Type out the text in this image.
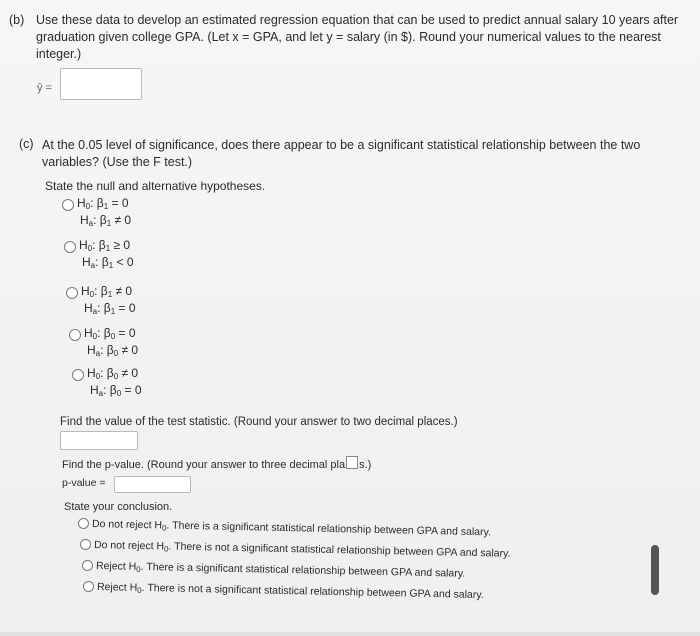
(b) Use these data to develop an estimated regression equation that can be used to predict annual salary 10 years after
graduation given college GPA. (Let x = GPA, and let y = salary (in $). Round your numerical values to the nearest
integer.)
ŷ =
(c) At the 0.05 level of significance, does there appear to be a significant statistical relationship between the two
variables? (Use the F test.)
State the null and alternative hypotheses.
$H_0$: $\beta_1 = 0$
$H_a$: $\beta_1 \ne 0$
$H_0$: $\beta_1 \ge 0$
$H_a$: $\beta_1 < 0$
$H_0$: $\beta_1 \ne 0$
$H_a$: $\beta_1 = 0$
$H_0$: $\beta_0 = 0$
$H_a$: $\beta_0 \ne 0$
$H_0$: $\beta_0 \ne 0$
$H_a$: $\beta_0 = 0$
Find the value of the test statistic. (Round your answer to two decimal places.)
Find the p-value. (Round your answer to three decimal pla s.)
p-value =
State your conclusion.
Do not reject $H_0$. There is a significant statistical relationship between GPA and salary.
Do not reject $H_0$. There is not a significant statistical relationship between GPA and salary.
Reject $H_0$. There is a significant statistical relationship between GPA and salary.
Reject $H_0$. There is not a significant statistical relationship between GPA and salary.
